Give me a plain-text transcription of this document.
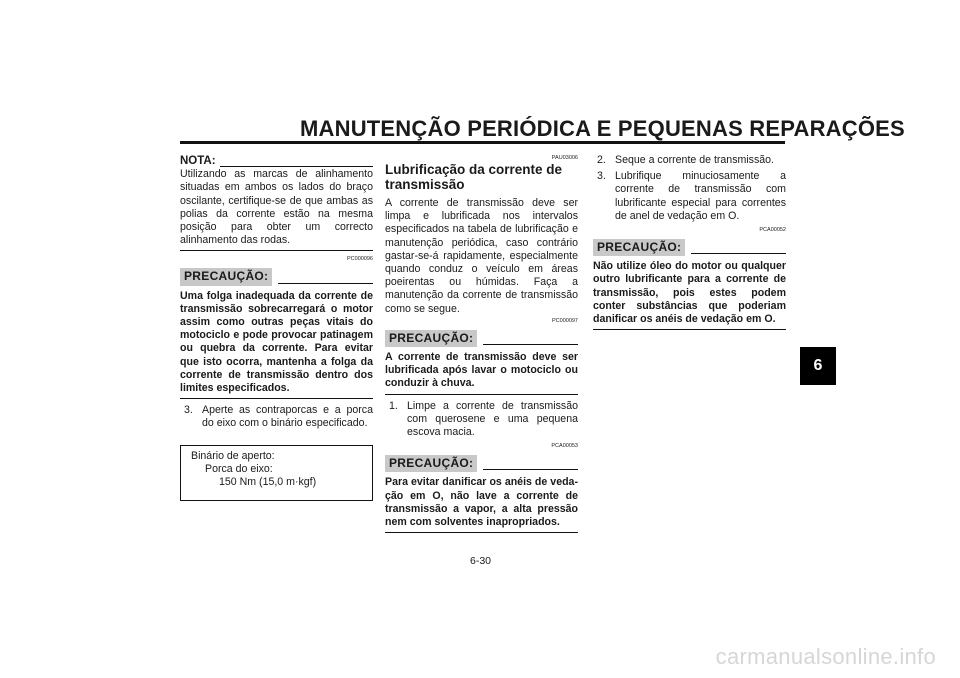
MANUTENÇÃO PERIÓDICA E PEQUENAS REPARAÇÕES
6
NOTA:

Utilizando as marcas de alinhamento situadas em ambos os lados do braço oscilante, certifique-se de que ambas as polias da corrente estão na mesma posição para obter um correcto alinhamento das rodas.

PC000096
PRECAUÇÃO:

Uma folga inadequada da corrente de transmissão sobrecarregará o motor assim como outras peças vitais do motociclo e pode provocar patinagem ou quebra da corrente. Para evitar que isto ocorra, mantenha a folga da corrente de transmissão dentro dos limites especificados.

3. Aperte as contraporcas e a porca do eixo com o binário especificado.
Binário de aperto:
Porca do eixo:
150 Nm (15,0 m·kgf)
PAU03006
Lubrificação da corrente de transmissão

A corrente de transmissão deve ser limpa e lubrificada nos intervalos especificados na tabela de lubrificação e manutenção periódica, caso contrário gastar-se-á rapidamente, especialmente quando conduz o veículo em áreas poeirentas ou húmidas. Faça a manutenção da corrente de transmissão como se segue.

PC000097
PRECAUÇÃO:

A corrente de transmissão deve ser lubrificada após lavar o motociclo ou conduzir à chuva.

1. Limpe a corrente de transmissão com querosene e uma pequena escova macia.
PCA00053
PRECAUÇÃO:

Para evitar danificar os anéis de vedação em O, não lave a corrente de transmissão a vapor, a alta pressão nem com solventes inapropriados.

2. Seque a corrente de transmissão.
3. Lubrifique minuciosamente a corrente de transmissão com lubrificante especial para correntes de anel de vedação em O.
PCA00052
PRECAUÇÃO:

Não utilize óleo do motor ou qualquer outro lubrificante para a corrente de transmissão, pois estes podem conter substâncias que poderiam danificar os anéis de vedação em O.

6-30
carmanualsonline.info
